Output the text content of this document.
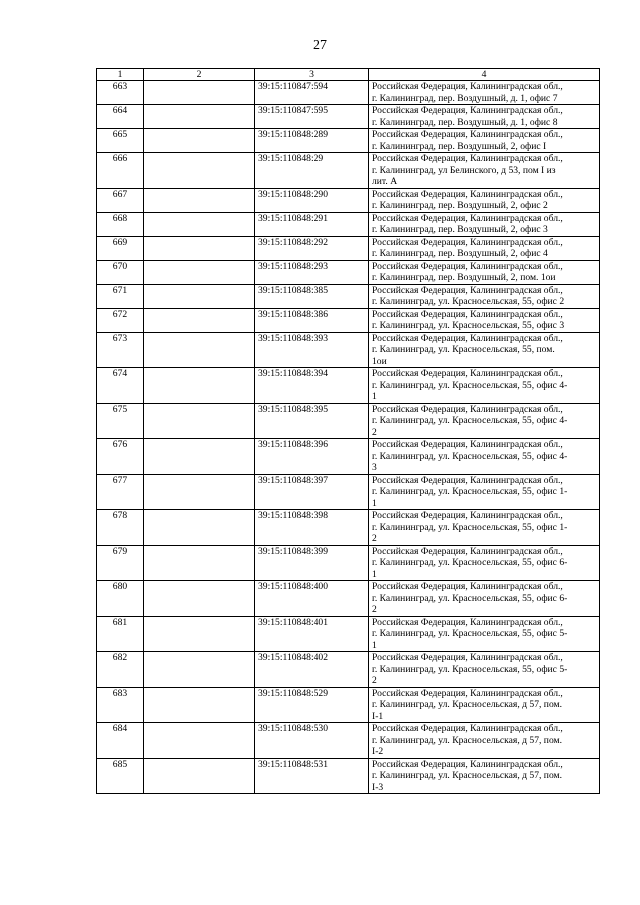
27
1	2	3	4
663		39:15:110847:594	Российская Федерация, Калининградская обл.,
г. Калининград, пер. Воздушный, д. 1, офис 7
664		39:15:110847:595	Российская Федерация, Калининградская обл.,
г. Калининград, пер. Воздушный, д. 1, офис 8
665		39:15:110848:289	Российская Федерация, Калининградская обл.,
г. Калининград, пер. Воздушный, 2, офис I
666		39:15:110848:29	Российская Федерация, Калининградская обл.,
г. Калининград, ул Белинского, д 53, пом I из
лит. А
667		39:15:110848:290	Российская Федерация, Калининградская обл.,
г. Калининград, пер. Воздушный, 2, офис 2
668		39:15:110848:291	Российская Федерация, Калининградская обл.,
г. Калининград, пер. Воздушный, 2, офис 3
669		39:15:110848:292	Российская Федерация, Калининградская обл.,
г. Калининград, пер. Воздушный, 2, офис 4
670		39:15:110848:293	Российская Федерация, Калининградская обл.,
г. Калининград, пер. Воздушный, 2, пом. 1ои
671		39:15:110848:385	Российская Федерация, Калининградская обл.,
г. Калининград, ул. Красносельская, 55, офис 2
672		39:15:110848:386	Российская Федерация, Калининградская обл.,
г. Калининград, ул. Красносельская, 55, офис 3
673		39:15:110848:393	Российская Федерация, Калининградская обл.,
г. Калининград, ул. Красносельская, 55, пом.
1ои
674		39:15:110848:394	Российская Федерация, Калининградская обл.,
г. Калининград, ул. Красносельская, 55, офис 4-
1
675		39:15:110848:395	Российская Федерация, Калининградская обл.,
г. Калининград, ул. Красносельская, 55, офис 4-
2
676		39:15:110848:396	Российская Федерация, Калининградская обл.,
г. Калининград, ул. Красносельская, 55, офис 4-
3
677		39:15:110848:397	Российская Федерация, Калининградская обл.,
г. Калининград, ул. Красносельская, 55, офис 1-
1
678		39:15:110848:398	Российская Федерация, Калининградская обл.,
г. Калининград, ул. Красносельская, 55, офис 1-
2
679		39:15:110848:399	Российская Федерация, Калининградская обл.,
г. Калининград, ул. Красносельская, 55, офис 6-
1
680		39:15:110848:400	Российская Федерация, Калининградская обл.,
г. Калининград, ул. Красносельская, 55, офис 6-
2
681		39:15:110848:401	Российская Федерация, Калининградская обл.,
г. Калининград, ул. Красносельская, 55, офис 5-
1
682		39:15:110848:402	Российская Федерация, Калининградская обл.,
г. Калининград, ул. Красносельская, 55, офис 5-
2
683		39:15:110848:529	Российская Федерация, Калининградская обл.,
г. Калининград, ул. Красносельская, д 57, пом.
I-1
684		39:15:110848:530	Российская Федерация, Калининградская обл.,
г. Калининград, ул. Красносельская, д 57, пом.
I-2
685		39:15:110848:531	Российская Федерация, Калининградская обл.,
г. Калининград, ул. Красносельская, д 57, пом.
I-3
